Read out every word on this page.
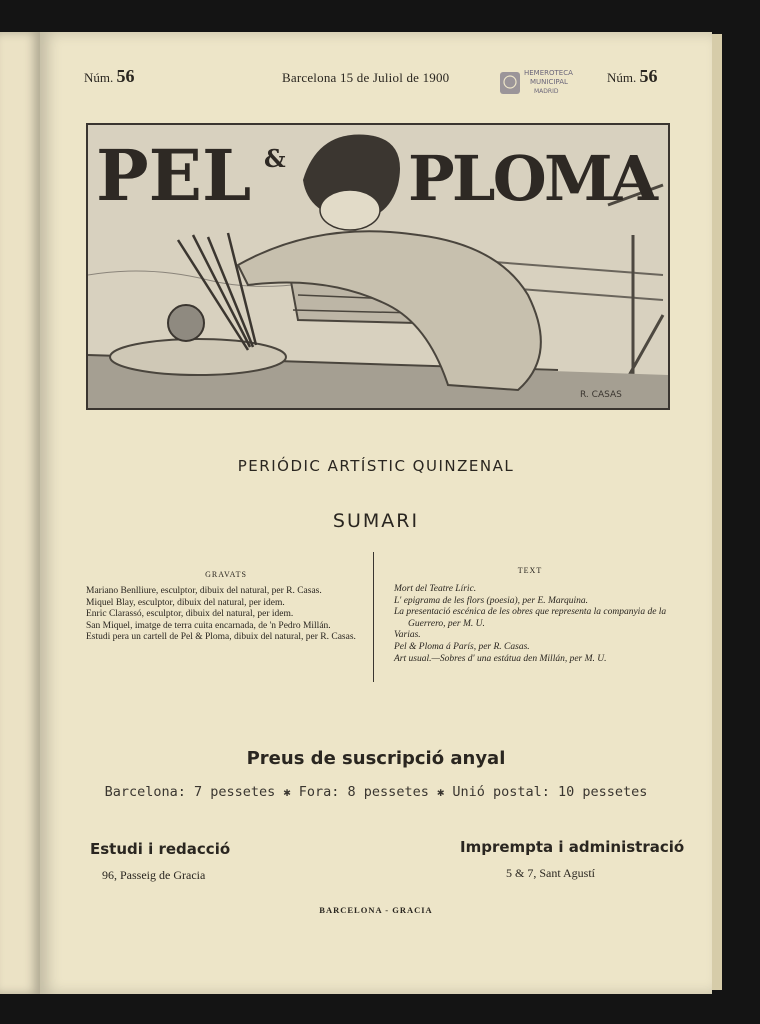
Núm. 56	Barcelona 15 de Juliol de 1900	HEMEROTECA
MUNICIPAL
MADRID
Núm. 56
PEL & PLOMA
R. CASAS
PERIÓDIC ARTÍSTIC QUINZENAL
SUMARI
GRAVATS

Mariano Benlliure, esculptor, dibuix del natural, per R. Casas.

Miquel Blay, esculptor, dibuix del natural, per idem.

Enric Clarassó, esculptor, dibuix del natural, per idem.

San Miquel, imatge de terra cuita encarnada, de 'n Pedro Millán.

Estudi pera un cartell de Pel & Ploma, dibuix del natural, per R. Casas.

TEXT

Mort del Teatre Líric.

L' epigrama de les flors (poesia), per E. Marquina.

La presentació escénica de les obres que representa la companyia de la Guerrero, per M. U.

Varias.

Pel & Ploma á París, per R. Casas.

Art usual.—Sobres d' una estátua den Millán, per M. U.

Preus de suscripció anyal
Barcelona: 7 pessetes ✱ Fora: 8 pessetes ✱ Unió postal: 10 pessetes
Estudi i redacció
96, Passeig de Gracia
Imprempta i administració
5 & 7, Sant Agustí
BARCELONA - GRACIA
